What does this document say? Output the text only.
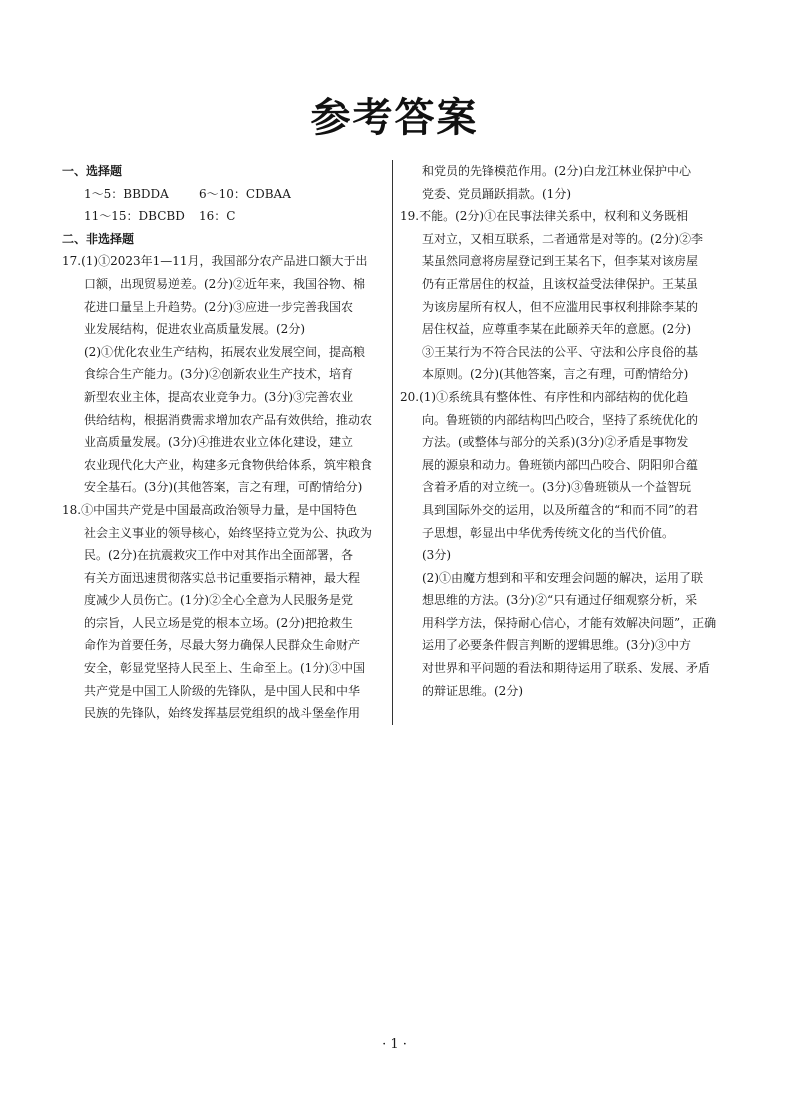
参考答案
一、选择题
1～5：BBDDA	6～10：CDBAA
11～15：DBCBD	16：C
二、非选择题
17.(1)①2023年1—11月，我国部分农产品进口额大于出
口额，出现贸易逆差。(2分)②近年来，我国谷物、棉
花进口量呈上升趋势。(2分)③应进一步完善我国农
业发展结构，促进农业高质量发展。(2分)
(2)①优化农业生产结构，拓展农业发展空间，提高粮
食综合生产能力。(3分)②创新农业生产技术，培育
新型农业主体，提高农业竞争力。(3分)③完善农业
供给结构，根据消费需求增加农产品有效供给，推动农
业高质量发展。(3分)④推进农业立体化建设，建立
农业现代化大产业，构建多元食物供给体系，筑牢粮食
安全基石。(3分)(其他答案，言之有理，可酌情给分)
18.①中国共产党是中国最高政治领导力量，是中国特色
社会主义事业的领导核心，始终坚持立党为公、执政为
民。(2分)在抗震救灾工作中对其作出全面部署，各
有关方面迅速贯彻落实总书记重要指示精神，最大程
度减少人员伤亡。(1分)②全心全意为人民服务是党
的宗旨，人民立场是党的根本立场。(2分)把抢救生
命作为首要任务，尽最大努力确保人民群众生命财产
安全，彰显党坚持人民至上、生命至上。(1分)③中国
共产党是中国工人阶级的先锋队，是中国人民和中华
民族的先锋队，始终发挥基层党组织的战斗堡垒作用
和党员的先锋模范作用。(2分)白龙江林业保护中心
党委、党员踊跃捐款。(1分)
19.不能。(2分)①在民事法律关系中，权利和义务既相
互对立，又相互联系，二者通常是对等的。(2分)②李
某虽然同意将房屋登记到王某名下，但李某对该房屋
仍有正常居住的权益，且该权益受法律保护。王某虽
为该房屋所有权人，但不应滥用民事权利排除李某的
居住权益，应尊重李某在此颐养天年的意愿。(2分)
③王某行为不符合民法的公平、守法和公序良俗的基
本原则。(2分)(其他答案，言之有理，可酌情给分)
20.(1)①系统具有整体性、有序性和内部结构的优化趋
向。鲁班锁的内部结构凹凸咬合，坚持了系统优化的
方法。(或整体与部分的关系)(3分)②矛盾是事物发
展的源泉和动力。鲁班锁内部凹凸咬合、阴阳卯合蕴
含着矛盾的对立统一。(3分)③鲁班锁从一个益智玩
具到国际外交的运用，以及所蕴含的“和而不同”的君
子思想，彰显出中华优秀传统文化的当代价值。
(3分)
(2)①由魔方想到和平和安理会问题的解决，运用了联
想思维的方法。(3分)②“只有通过仔细观察分析，采
用科学方法，保持耐心信心，才能有效解决问题”，正确
运用了必要条件假言判断的逻辑思维。(3分)③中方
对世界和平问题的看法和期待运用了联系、发展、矛盾
的辩证思维。(2分)
· 1 ·
